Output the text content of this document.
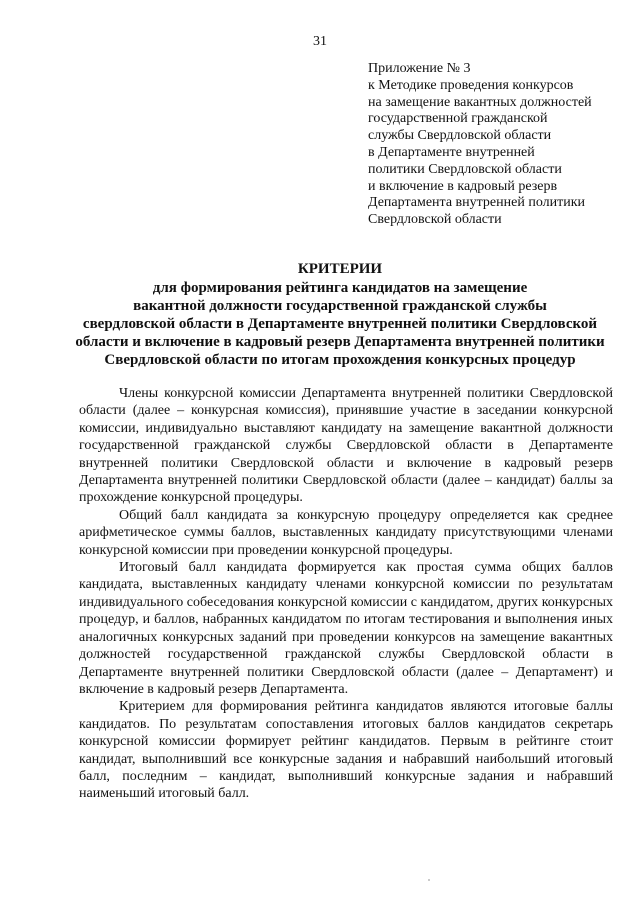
31
Приложение № 3
к Методике проведения конкурсов
на замещение вакантных должностей
государственной гражданской
службы Свердловской области
в Департаменте внутренней
политики Свердловской области
и включение в кадровый резерв
Департамента внутренней политики
Свердловской области
КРИТЕРИИ
для формирования рейтинга кандидатов на замещение
вакантной должности государственной гражданской службы
свердловской области в Департаменте внутренней политики Свердловской
области и включение в кадровый резерв Департамента внутренней политики
Свердловской области по итогам прохождения конкурсных процедур

Члены конкурсной комиссии Департамента внутренней политики Свердловской области (далее – конкурсная комиссия), принявшие участие в заседании конкурсной комиссии, индивидуально выставляют кандидату на замещение вакантной должности государственной гражданской службы Свердловской области в Департаменте внутренней политики Свердловской области и включение в кадровый резерв Департамента внутренней политики Свердловской области (далее – кандидат) баллы за прохождение конкурсной процедуры.

Общий балл кандидата за конкурсную процедуру определяется как среднее арифметическое суммы баллов, выставленных кандидату присутствующими членами конкурсной комиссии при проведении конкурсной процедуры.

Итоговый балл кандидата формируется как простая сумма общих баллов кандидата, выставленных кандидату членами конкурсной комиссии по результатам индивидуального собеседования конкурсной комиссии с кандидатом, других конкурсных процедур, и баллов, набранных кандидатом по итогам тестирования и выполнения иных аналогичных конкурсных заданий при проведении конкурсов на замещение вакантных должностей государственной гражданской службы Свердловской области в Департаменте внутренней политики Свердловской области (далее – Департамент) и включение в кадровый резерв Департамента.

Критерием для формирования рейтинга кандидатов являются итоговые баллы кандидатов. По результатам сопоставления итоговых баллов кандидатов секретарь конкурсной комиссии формирует рейтинг кандидатов. Первым в рейтинге стоит кандидат, выполнивший все конкурсные задания и набравший наибольший итоговый балл, последним – кандидат, выполнивший конкурсные задания и набравший наименьший итоговый балл.
